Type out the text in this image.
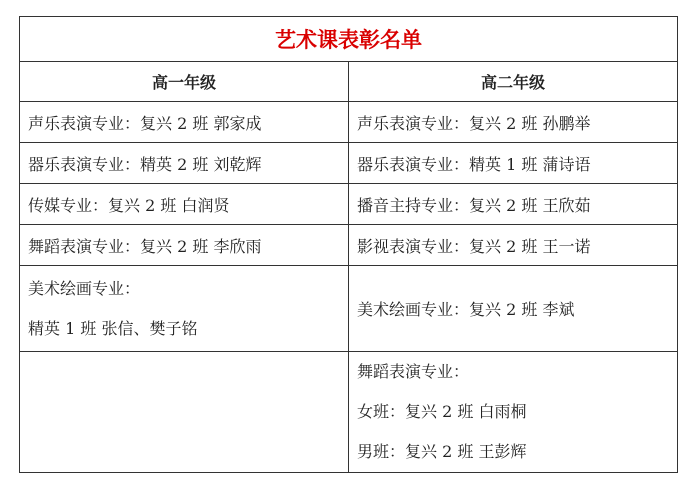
艺术课表彰名单	
高一年级	高二年级
声乐表演专业：复兴 2 班 郭家成	声乐表演专业：复兴 2 班 孙鹏举
器乐表演专业：精英 2 班 刘乾辉	器乐表演专业：精英 1 班 蒲诗语
传媒专业：复兴 2 班 白润贤	播音主持专业：复兴 2 班 王欣茹
舞蹈表演专业：复兴 2 班 李欣雨	影视表演专业：复兴 2 班 王一诺

美术绘画专业：
精英 1 班 张信、樊子铭	美术绘画专业：复兴 2 班 李斌

	舞蹈表演专业：
女班：复兴 2 班 白雨桐
男班：复兴 2 班 王彭辉
